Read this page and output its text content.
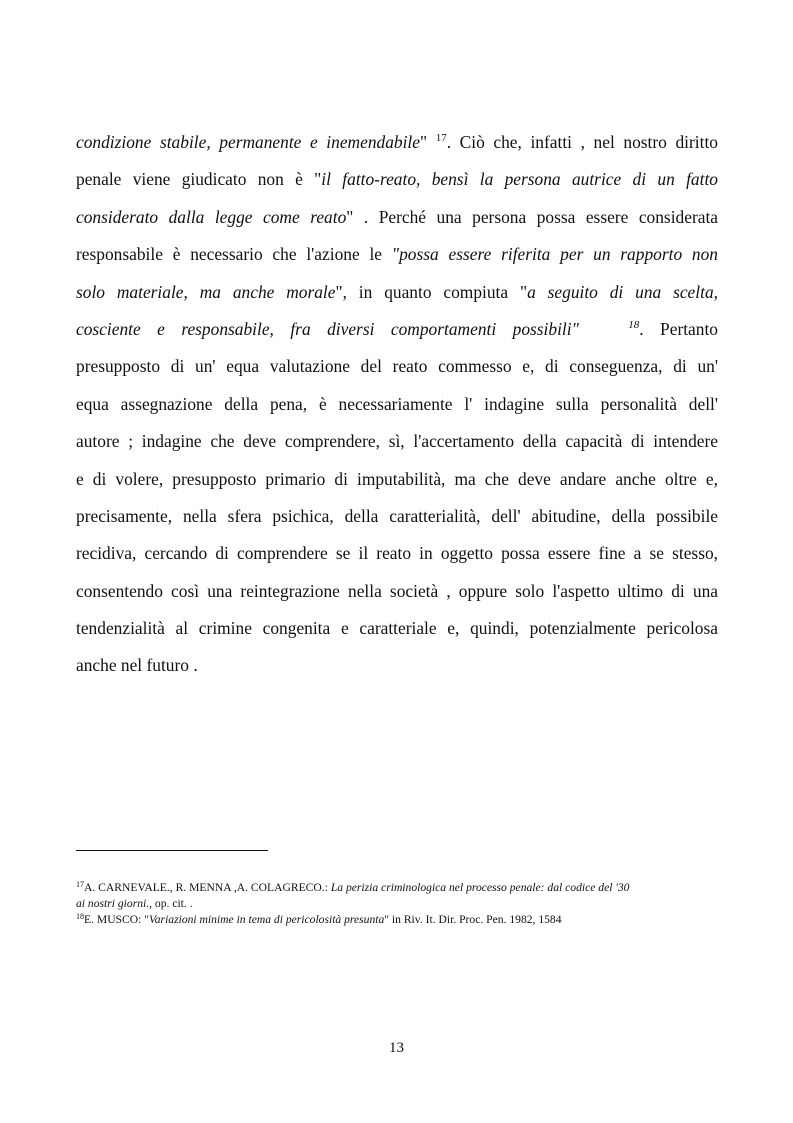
condizione stabile, permanente e inemendabile" $^{17}$. Ciò che, infatti , nel nostro diritto
penale viene giudicato non è "il fatto-reato, bensì la persona autrice di un fatto
considerato dalla legge come reato" . Perché una persona possa essere considerata
responsabile è necessario che l'azione le "possa essere riferita per un rapporto non
solo materiale, ma anche morale", in quanto compiuta "a seguito di una scelta,
cosciente e responsabile, fra diversi comportamenti possibili"	$^{18}$. Pertanto
presupposto di un' equa valutazione del reato commesso e, di conseguenza, di un'
equa assegnazione della pena, è necessariamente l' indagine sulla personalità dell'
autore ; indagine che deve comprendere, sì, l'accertamento della capacità di intendere
e di volere, presupposto primario di imputabilità, ma che deve andare anche oltre e,
precisamente, nella sfera psichica, della caratterialità, dell' abitudine, della possibile
recidiva, cercando di comprendere se il reato in oggetto possa essere fine a se stesso,
consentendo così una reintegrazione nella società , oppure solo l'aspetto ultimo di una
tendenzialità al crimine congenita e caratteriale e, quindi, potenzialmente pericolosa
anche nel futuro .
$^{17}$A. CARNEVALE., R. MENNA ,A. COLAGRECO.: La perizia criminologica nel processo penale: dal codice del '30
ai nostri giorni., op. cit. .
$^{18}$E. MUSCO: "Variazioni minime in tema di pericolosità presunta" in Riv. It. Dir. Proc. Pen. 1982, 1584
13
